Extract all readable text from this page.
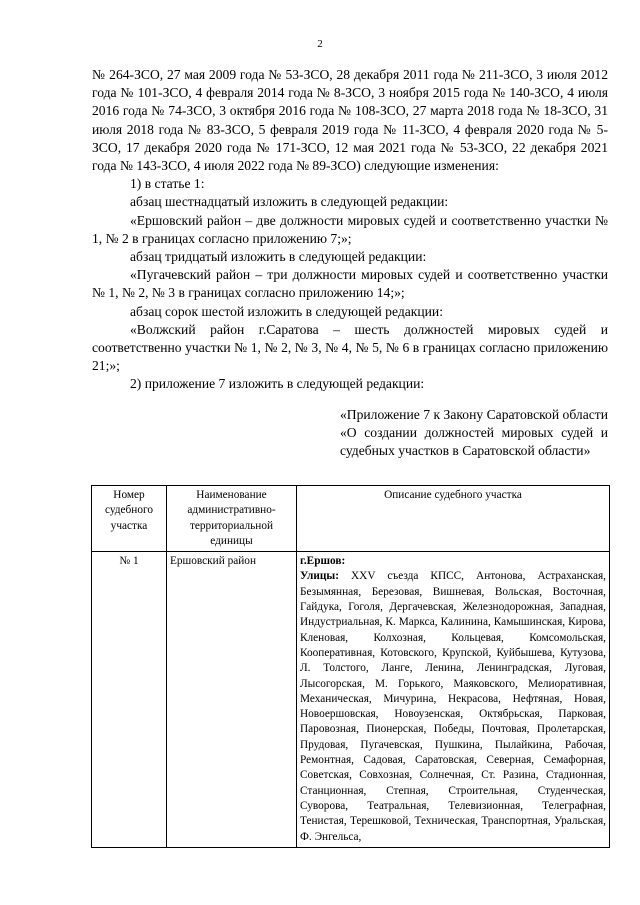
2

№ 264-ЗСО, 27 мая 2009 года № 53-ЗСО, 28 декабря 2011 года № 211-ЗСО, 3 июля 2012 года № 101-ЗСО, 4 февраля 2014 года № 8-ЗСО, 3 ноября 2015 года № 140-ЗСО, 4 июля 2016 года № 74-ЗСО, 3 октября 2016 года № 108-ЗСО, 27 марта 2018 года № 18-ЗСО, 31 июля 2018 года № 83-ЗСО, 5 февраля 2019 года № 11-ЗСО, 4 февраля 2020 года № 5-ЗСО, 17 декабря 2020 года № 171-ЗСО, 12 мая 2021 года № 53-ЗСО, 22 декабря 2021 года № 143-ЗСО, 4 июля 2022 года № 89-ЗСО) следующие изменения:

1) в статье 1:

абзац шестнадцатый изложить в следующей редакции:

«Ершовский район – две должности мировых судей и соответственно участки № 1, № 2 в границах согласно приложению 7;»;

абзац тридцатый изложить в следующей редакции:

«Пугачевский район – три должности мировых судей и соответственно участки № 1, № 2, № 3 в границах согласно приложению 14;»;

абзац сорок шестой изложить в следующей редакции:

«Волжский район г.Саратова – шесть должностей мировых судей и соответственно участки № 1, № 2, № 3, № 4, № 5, № 6 в границах согласно приложению 21;»;

2) приложение 7 изложить в следующей редакции:

«Приложение 7 к Закону Саратовской области «О создании должностей мировых судей и судебных участков в Саратовской области»
Номер судебного участка	Наименование административно-территориальной единицы	Описание судебного участка
№ 1	Ершовский район	г.Ершов:
Улицы: XXV съезда КПСС, Антонова, Астраханская, Безымянная, Березовая, Вишневая, Вольская, Восточная, Гайдука, Гоголя, Дергачевская, Железнодорожная, Западная, Индустриальная, К. Маркса, Калинина, Камышинская, Кирова, Кленовая, Колхозная, Кольцевая, Комсомольская, Кооперативная, Котовского, Крупской, Куйбышева, Кутузова, Л. Толстого, Ланге, Ленина, Ленинградская, Луговая, Лысогорская, М. Горького, Маяковского, Мелиоративная, Механическая, Мичурина, Некрасова, Нефтяная, Новая, Новоершовская, Новоузенская, Октябрьская, Парковая, Паровозная, Пионерская, Победы, Почтовая, Пролетарская, Прудовая, Пугачевская, Пушкина, Пылайкина, Рабочая, Ремонтная, Садовая, Саратовская, Северная, Семафорная, Советская, Совхозная, Солнечная, Ст. Разина, Стадионная, Станционная, Степная, Строительная, Студенческая, Суворова, Театральная, Телевизионная, Телеграфная, Тенистая, Терешковой, Техническая, Транспортная, Уральская, Ф. Энгельса,
